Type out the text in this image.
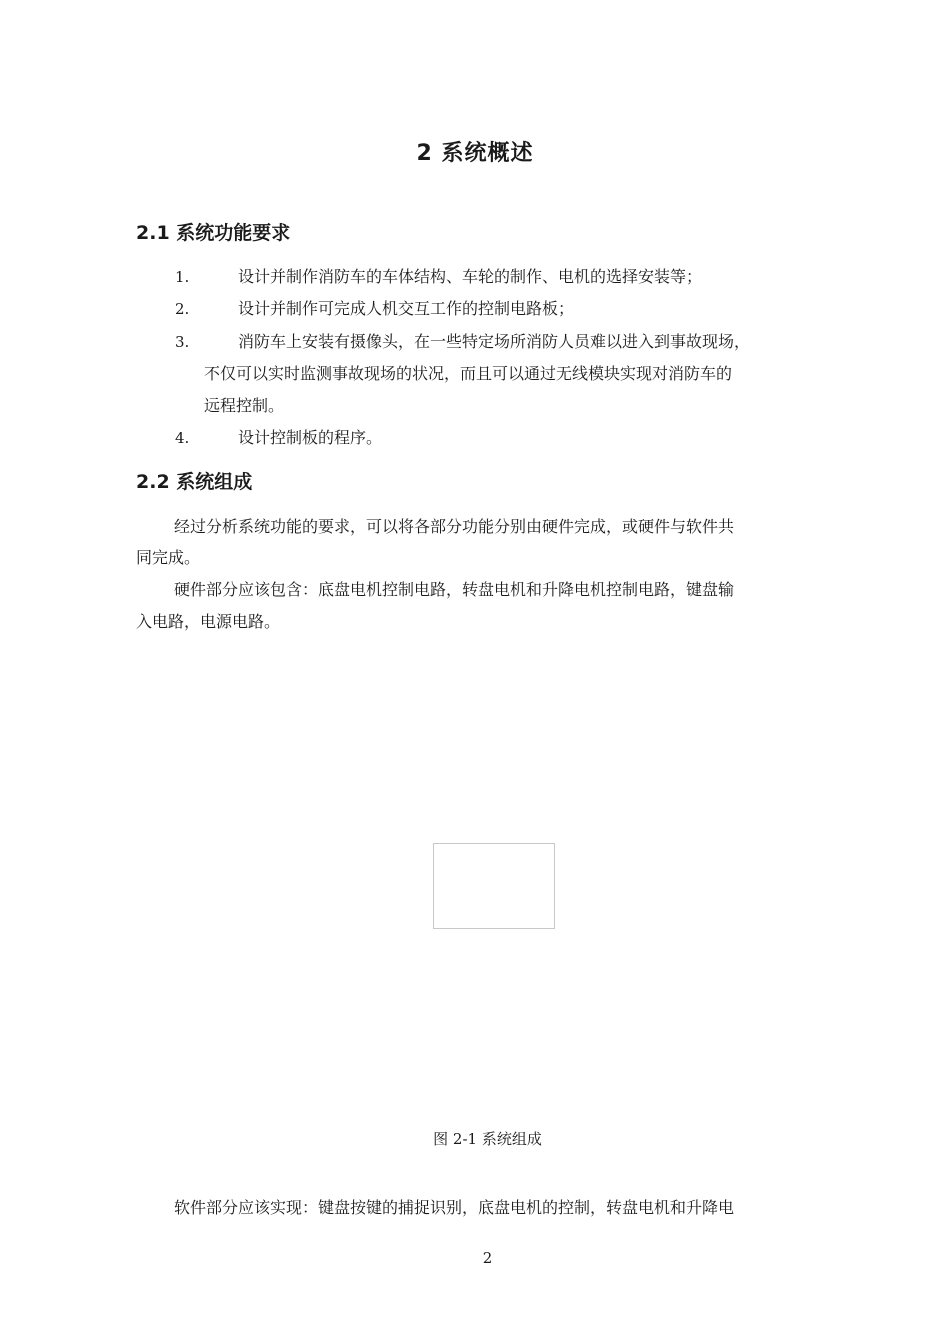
2 系统概述
2.1 系统功能要求
1.	设计并制作消防车的车体结构、车轮的制作、电机的选择安装等；
2.	设计并制作可完成人机交互工作的控制电路板；
3.	消防车上安装有摄像头，在一些特定场所消防人员难以进入到事故现场，
不仅可以实时监测事故现场的状况，而且可以通过无线模块实现对消防车的
远程控制。
4.	设计控制板的程序。
2.2 系统组成
经过分析系统功能的要求，可以将各部分功能分别由硬件完成，或硬件与软件共
同完成。
硬件部分应该包含：底盘电机控制电路，转盘电机和升降电机控制电路，键盘输
入电路，电源电路。
图 2-1 系统组成
软件部分应该实现：键盘按键的捕捉识别，底盘电机的控制，转盘电机和升降电
2
